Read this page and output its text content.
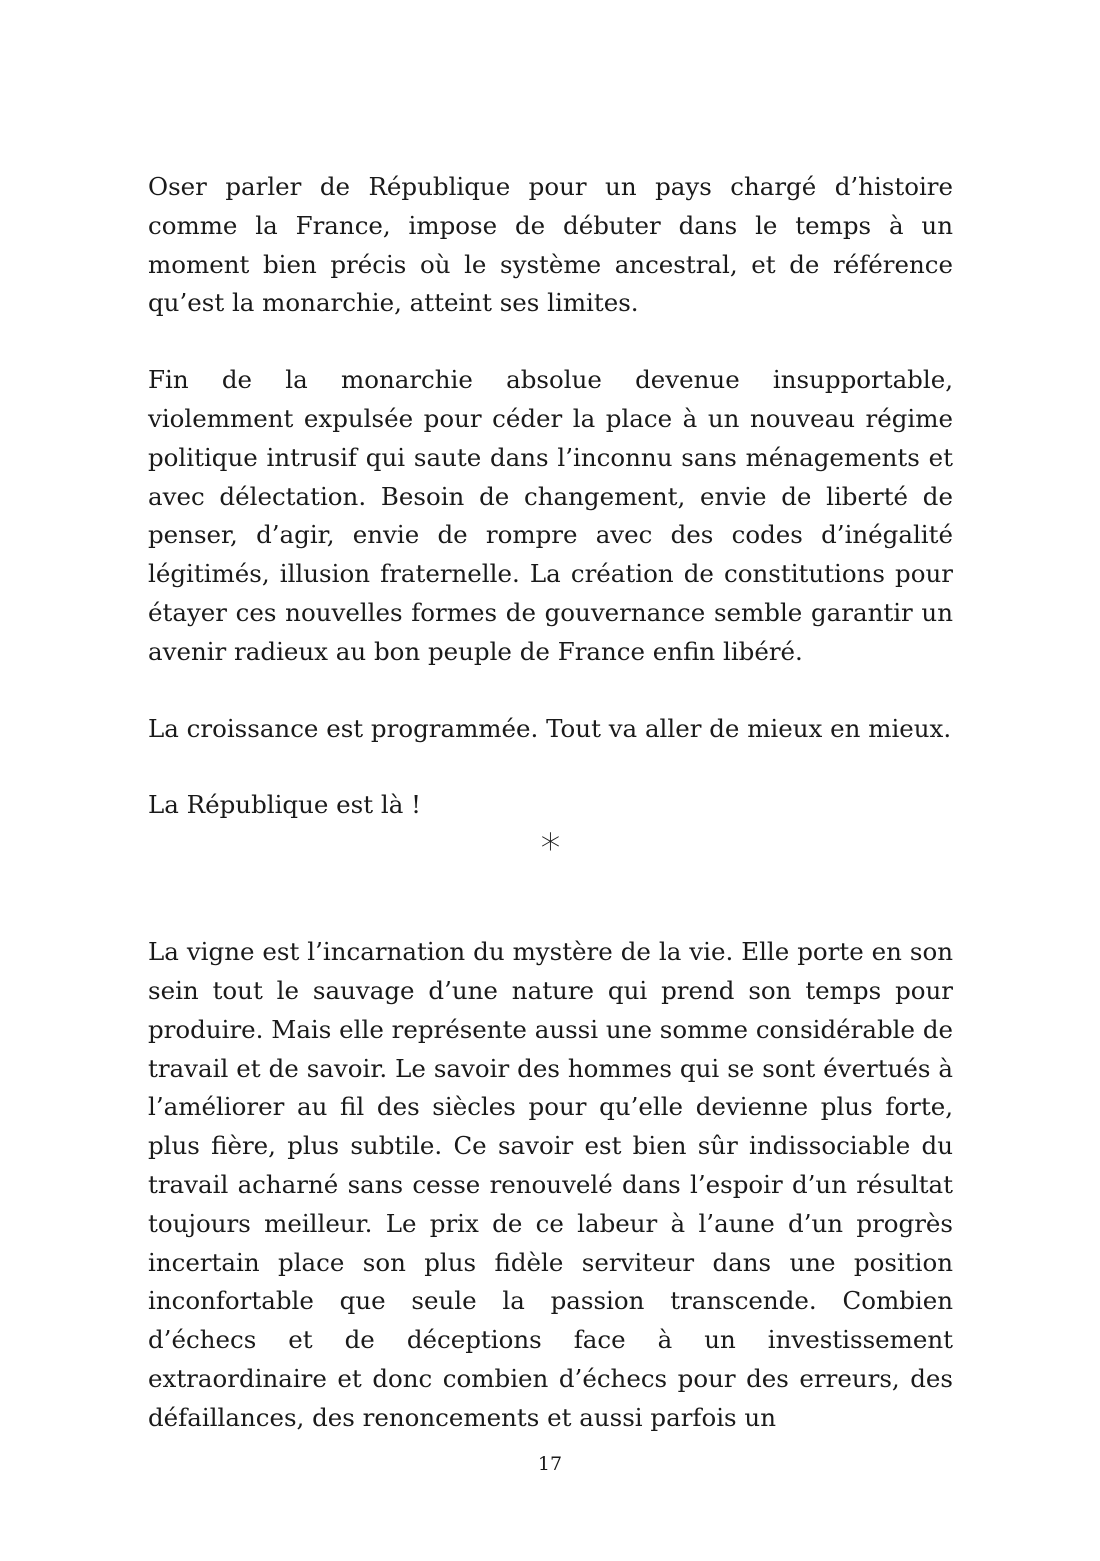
Oser parler de République pour un pays chargé d’histoire comme la France, impose de débuter dans le temps à un moment bien précis où le système ancestral, et de référence qu’est la monarchie, atteint ses limites.

Fin de la monarchie absolue devenue insupportable, violemment expulsée pour céder la place à un nouveau régime politique intrusif qui saute dans l’inconnu sans ménagements et avec délectation. Besoin de changement, envie de liberté de penser, d’agir, envie de rompre avec des codes d’inégalité légitimés, illusion fraternelle. La création de constitutions pour étayer ces nouvelles formes de gouvernance semble garantir un avenir radieux au bon peuple de France enfin libéré.

La croissance est programmée. Tout va aller de mieux en mieux.

La République est là !

*

La vigne est l’incarnation du mystère de la vie. Elle porte en son sein tout le sauvage d’une nature qui prend son temps pour produire. Mais elle représente aussi une somme considérable de travail et de savoir. Le savoir des hommes qui se sont évertués à l’améliorer au fil des siècles pour qu’elle devienne plus forte, plus fière, plus subtile. Ce savoir est bien sûr indissociable du travail acharné sans cesse renouvelé dans l’espoir d’un résultat toujours meilleur. Le prix de ce labeur à l’aune d’un progrès incertain place son plus fidèle serviteur dans une position inconfortable que seule la passion transcende. Combien d’échecs et de déceptions face à un investissement extraordinaire et donc combien d’échecs pour des erreurs, des défaillances, des renoncements et aussi parfois un

17
